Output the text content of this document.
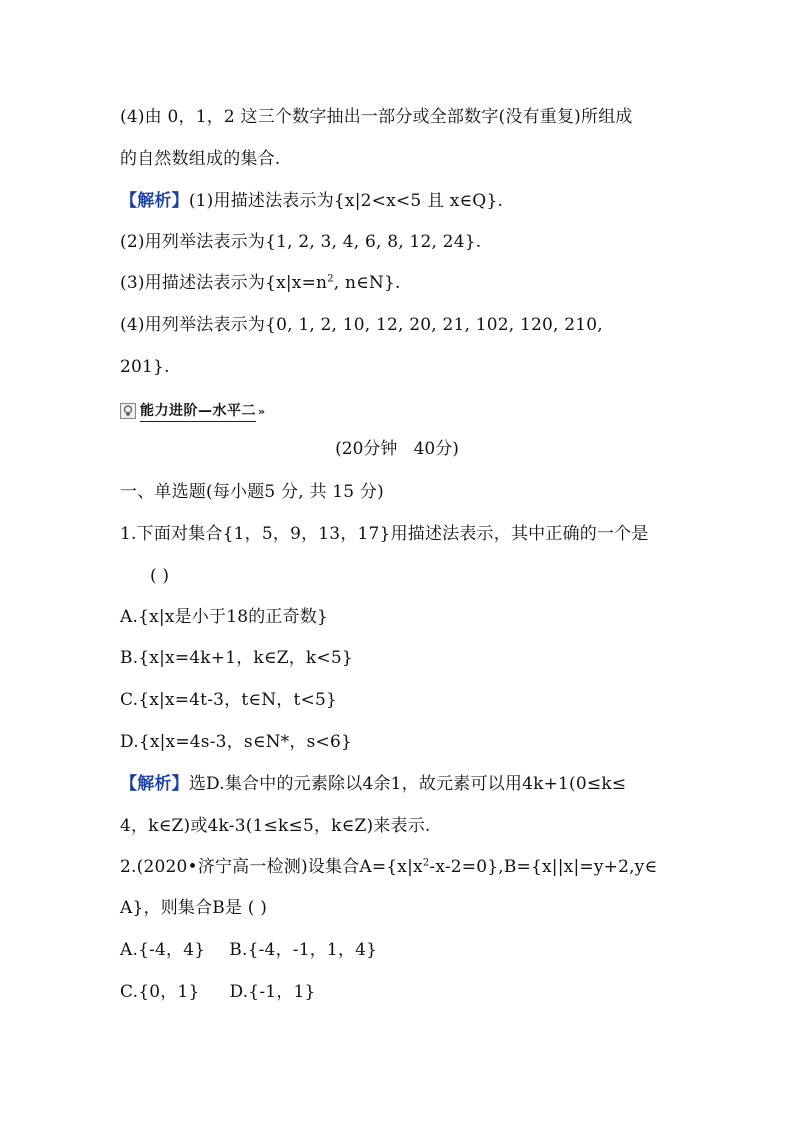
(4)由 0，1，2 这三个数字抽出一部分或全部数字(没有重复)所组成
的自然数组成的集合.
【解析】(1)用描述法表示为{x|2<x<5 且 x∈Q}.
(2)用列举法表示为{1, 2, 3, 4, 6, 8, 12, 24}.
(3)用描述法表示为{$x|x=n^2$, n∈N}.
(4)用列举法表示为{0, 1, 2, 10, 12, 20, 21, 102, 120, 210,
201}.
能力进阶—水平二 »
(20分钟   40分)
一、单选题(每小题5 分, 共 15 分)
1.下面对集合{1，5，9，13，17}用描述法表示，其中正确的一个是
( )
A.{x|x是小于18的正奇数}
B.{x|x=4k+1，k∈Z，k<5}
C.{x|x=4t-3，t∈N，t<5}
D.{x|x=4s-3，s∈N*，s<6}
【解析】选D.集合中的元素除以4余1，故元素可以用4k+1(0≤k≤
4，k∈Z)或4k-3(1≤k≤5，k∈Z)来表示.
2.(2020•济宁高一检测)设集合$A=\{x|x^2-x-2=0\},B=\{x||x|=y+2,y\in$
A}，则集合B是 ( )
A.{-4，4} B.{-4，-1，1，4}
C.{0，1} D.{-1，1}
